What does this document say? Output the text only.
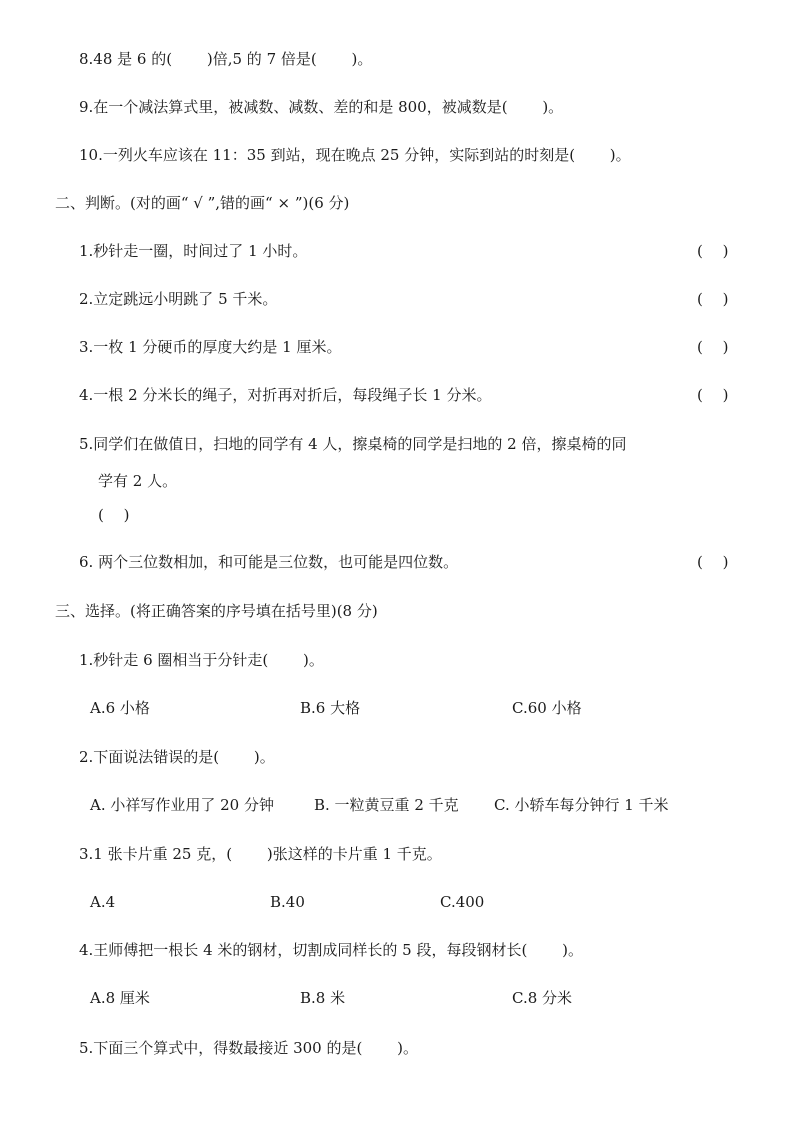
8.48 是 6 的(　　 )倍,5 的 7 倍是(　　 )。
9.在一个减法算式里，被减数、减数、差的和是 800，被减数是(　　 )。
10.一列火车应该在 11：35 到站，现在晚点 25 分钟，实际到站的时刻是(　　 )。
二、判断。(对的画“ √ ”,错的画“ × ”)(6 分)
1.秒针走一圈，时间过了 1 小时。	(　 )
2.立定跳远小明跳了 5 千米。	(　 )
3.一枚 1 分硬币的厚度大约是 1 厘米。	(　 )
4.一根 2 分米长的绳子，对折再对折后，每段绳子长 1 分米。	(　 )
5.同学们在做值日，扫地的同学有 4 人，擦桌椅的同学是扫地的 2 倍，擦桌椅的同
学有 2 人。
(　 )
6. 两个三位数相加，和可能是三位数，也可能是四位数。	(　 )
三、选择。(将正确答案的序号填在括号里)(8 分)
1.秒针走 6 圈相当于分针走(　　 )。
A.6 小格	B.6 大格	C.60 小格
2.下面说法错误的是(　　 )。
A. 小祥写作业用了 20 分钟	B. 一粒黄豆重 2 千克 C. 小轿车每分钟行 1 千米
3.1 张卡片重 25 克，(　　 )张这样的卡片重 1 千克。
A.4	B.40	C.400
4.王师傅把一根长 4 米的钢材，切割成同样长的 5 段，每段钢材长(　　 )。
A.8 厘米	B.8 米	C.8 分米
5.下面三个算式中，得数最接近 300 的是(　　 )。
